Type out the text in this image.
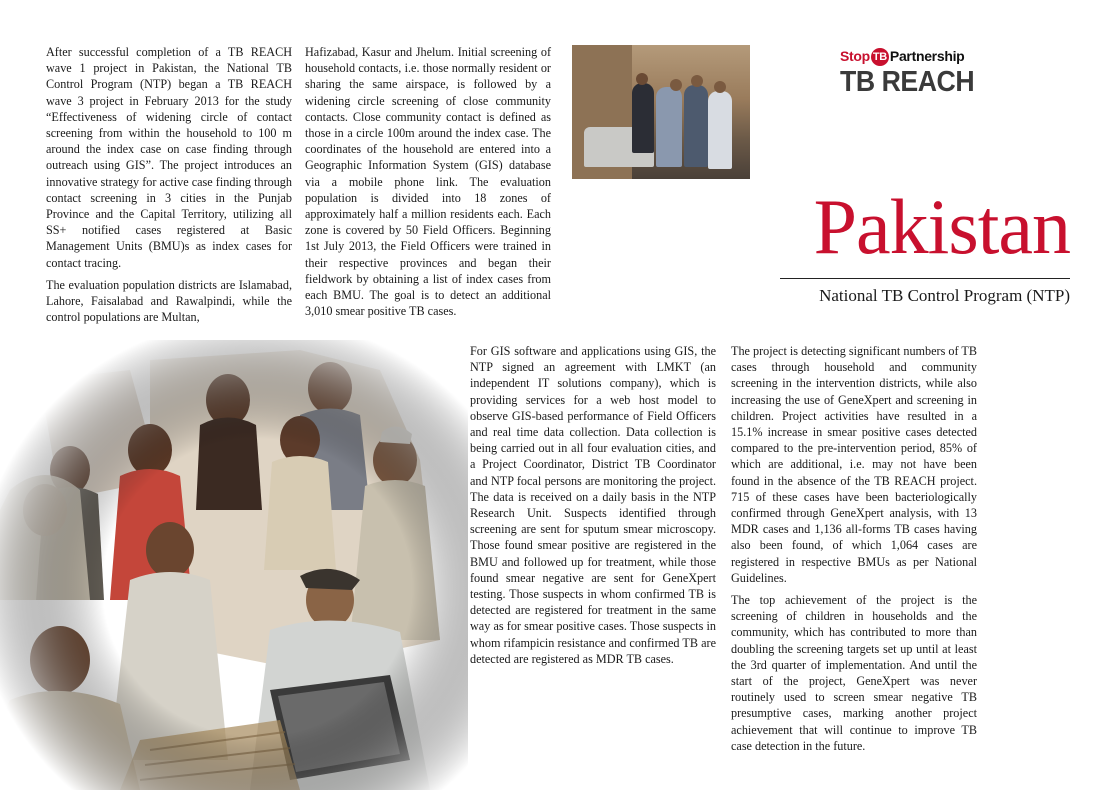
After successful completion of a TB REACH wave 1 project in Pakistan, the National TB Control Program (NTP) began a TB REACH wave 3 project in February 2013 for the study “Effectiveness of widening circle of contact screening from within the household to 100 m around the index case on case finding through outreach using GIS”. The project introduces an innovative strategy for active case finding through contact screening in 3 cities in the Punjab Province and the Capital Territory, utilizing all SS+ notified cases registered at Basic Management Units (BMU)s as index cases for contact tracing.

The evaluation population districts are Islamabad, Lahore, Faisalabad and Rawalpindi, while the control populations are Multan,

Hafizabad, Kasur and Jhelum. Initial screening of household contacts, i.e. those normally resident or sharing the same airspace, is followed by a widening circle screening of close community contacts. Close community contact is defined as those in a circle 100m around the index case. The coordinates of the household are entered into a Geographic Information System (GIS) database via a mobile phone link. The evaluation population is divided into 18 zones of approximately half a million residents each. Each zone is covered by 50 Field Officers. Beginning 1st July 2013, the Field Officers were trained in their respective provinces and began their fieldwork by obtaining a list of index cases from each BMU. The goal is to detect an additional 3,010 smear positive TB cases.

Stop TB Partnership
TB REACH
Pakistan
National TB Control Program (NTP)

For GIS software and applications using GIS, the NTP signed an agreement with LMKT (an independent IT solutions company), which is providing services for a web host model to observe GIS-based performance of Field Officers and real time data collection. Data collection is being carried out in all four evaluation cities, and a Project Coordinator, District TB Coordinator and NTP focal persons are monitoring the project. The data is received on a daily basis in the NTP Research Unit. Suspects identified through screening are sent for sputum smear microscopy. Those found smear positive are registered in the BMU and followed up for treatment, while those found smear negative are sent for GeneXpert testing. Those suspects in whom confirmed TB is detected are registered for treatment in the same way as for smear positive cases. Those suspects in whom rifampicin resistance and confirmed TB are detected are registered as MDR TB cases.

The project is detecting significant numbers of TB cases through household and community screening in the intervention districts, while also increasing the use of GeneXpert and screening in children. Project activities have resulted in a 15.1% increase in smear positive cases detected compared to the pre-intervention period, 85% of which are additional, i.e. may not have been found in the absence of the TB REACH project. 715 of these cases have been bacteriologically confirmed through GeneXpert analysis, with 13 MDR cases and 1,136 all-forms TB cases having also been found, of which 1,064 cases are registered in respective BMUs as per National Guidelines.

The top achievement of the project is the screening of children in households and the community, which has contributed to more than doubling the screening targets set up until at least the 3rd quarter of implementation. And until the start of the project, GeneXpert was never routinely used to screen smear negative TB presumptive cases, marking another project achievement that will continue to improve TB case detection in the future.
